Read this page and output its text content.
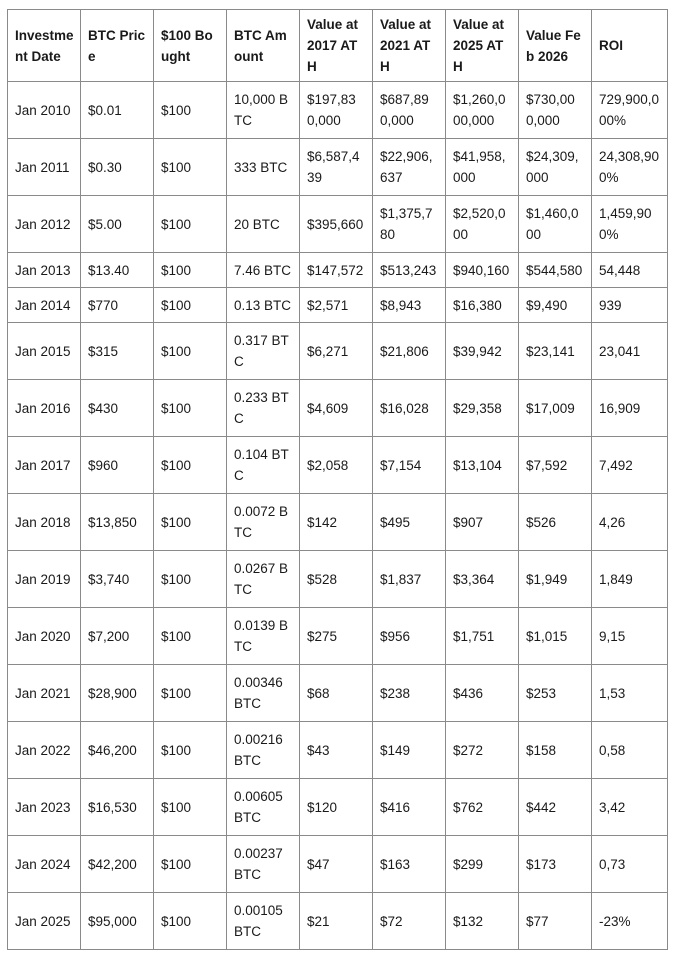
Investment Date	BTC Price	$100 Bought	BTC Amount	Value at 2017 ATH	Value at 2021 ATH	Value at 2025 ATH	Value Feb 2026	ROI
Jan 2010	$0.01	$100	10,000 BTC	$197,830,000	$687,890,000	$1,260,000,000	$730,000,000	729,900,000%
Jan 2011	$0.30	$100	333 BTC	$6,587,439	$22,906,637	$41,958,000	$24,309,000	24,308,900%
Jan 2012	$5.00	$100	20 BTC	$395,660	$1,375,780	$2,520,000	$1,460,000	1,459,900%
Jan 2013	$13.40	$100	7.46 BTC	$147,572	$513,243	$940,160	$544,580	54,448
Jan 2014	$770	$100	0.13 BTC	$2,571	$8,943	$16,380	$9,490	939
Jan 2015	$315	$100	0.317 BTC	$6,271	$21,806	$39,942	$23,141	23,041
Jan 2016	$430	$100	0.233 BTC	$4,609	$16,028	$29,358	$17,009	16,909
Jan 2017	$960	$100	0.104 BTC	$2,058	$7,154	$13,104	$7,592	7,492
Jan 2018	$13,850	$100	0.0072 BTC	$142	$495	$907	$526	4,26
Jan 2019	$3,740	$100	0.0267 BTC	$528	$1,837	$3,364	$1,949	1,849
Jan 2020	$7,200	$100	0.0139 BTC	$275	$956	$1,751	$1,015	9,15
Jan 2021	$28,900	$100	0.00346 BTC	$68	$238	$436	$253	1,53
Jan 2022	$46,200	$100	0.00216 BTC	$43	$149	$272	$158	0,58
Jan 2023	$16,530	$100	0.00605 BTC	$120	$416	$762	$442	3,42
Jan 2024	$42,200	$100	0.00237 BTC	$47	$163	$299	$173	0,73
Jan 2025	$95,000	$100	0.00105 BTC	$21	$72	$132	$77	-23%
